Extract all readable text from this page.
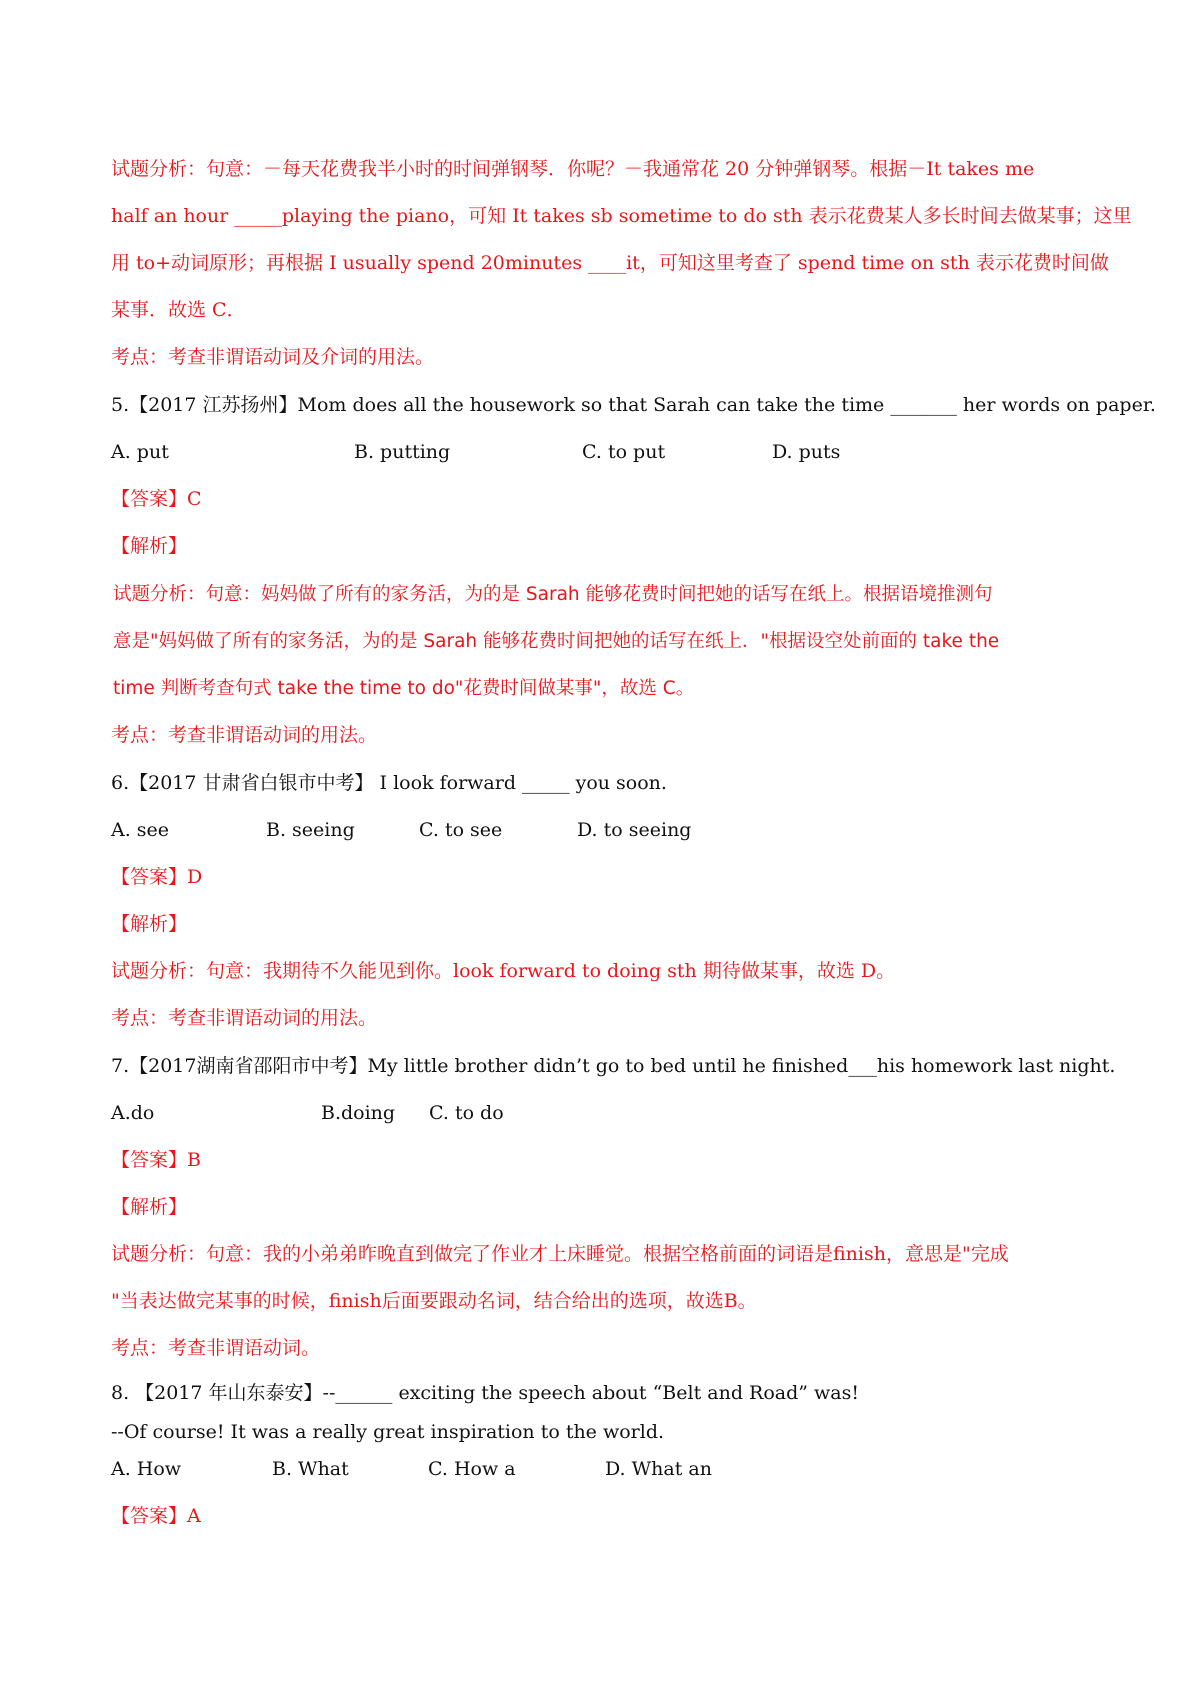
试题分析：句意：－每天花费我半小时的时间弹钢琴．你呢？－我通常花 20 分钟弹钢琴。根据－It takes me
half an hour _____playing the piano，可知 It takes sb sometime to do sth 表示花费某人多长时间去做某事；这里
用 to+动词原形；再根据 I usually spend 20minutes ____it，可知这里考查了 spend time on sth 表示花费时间做
某事．故选 C．
考点：考查非谓语动词及介词的用法。
5.【2017 江苏扬州】Mom does all the housework so that Sarah can take the time _______ her words on paper.
A. put	B. putting	C. to put	D. puts
【答案】C
【解析】
试题分析：句意：妈妈做了所有的家务活，为的是 Sarah 能够花费时间把她的话写在纸上。根据语境推测句
意是"妈妈做了所有的家务活，为的是 Sarah 能够花费时间把她的话写在纸上．"根据设空处前面的 take the
time 判断考查句式 take the time to do"花费时间做某事"，故选 C。
考点：考查非谓语动词的用法。
6.【2017 甘肃省白银市中考】 I look forward _____ you soon.
A. see	B. seeing	C. to see	D. to seeing
【答案】D
【解析】
试题分析：句意：我期待不久能见到你。look forward to doing sth 期待做某事，故选 D。
考点：考查非谓语动词的用法。
7.【2017湖南省邵阳市中考】My little brother didn’t go to bed until he finished___his homework last night.
A.do	B.doing C. to do
【答案】B
【解析】
试题分析：句意：我的小弟弟昨晚直到做完了作业才上床睡觉。根据空格前面的词语是finish，意思是"完成
"当表达做完某事的时候，finish后面要跟动名词，结合给出的选项，故选B。
考点：考查非谓语动词。
8. 【2017 年山东泰安】--______ exciting the speech about “Belt and Road” was!
--Of course! It was a really great inspiration to the world.
A. How	B. What	C. How a	D. What an
【答案】A
